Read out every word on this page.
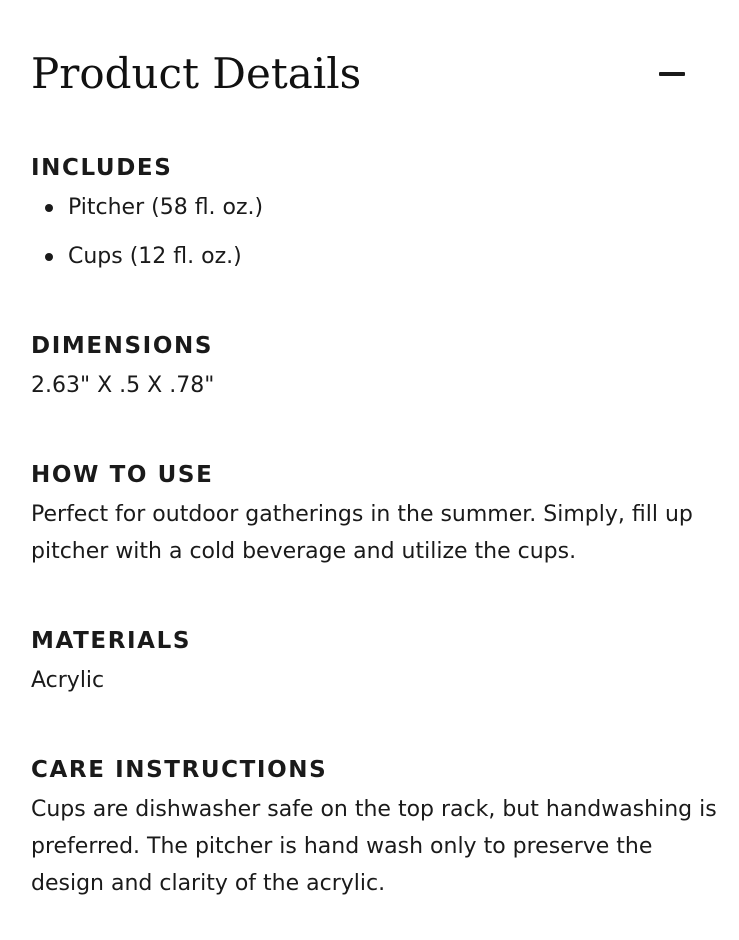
Product Details
INCLUDES
Pitcher (58 fl. oz.)
Cups (12 fl. oz.)
DIMENSIONS

2.63" X .5 X .78"

HOW TO USE

Perfect for outdoor gatherings in the summer. Simply, fill up pitcher with a cold beverage and utilize the cups.

MATERIALS

Acrylic

CARE INSTRUCTIONS

Cups are dishwasher safe on the top rack, but handwashing is preferred. The pitcher is hand wash only to preserve the design and clarity of the acrylic.
